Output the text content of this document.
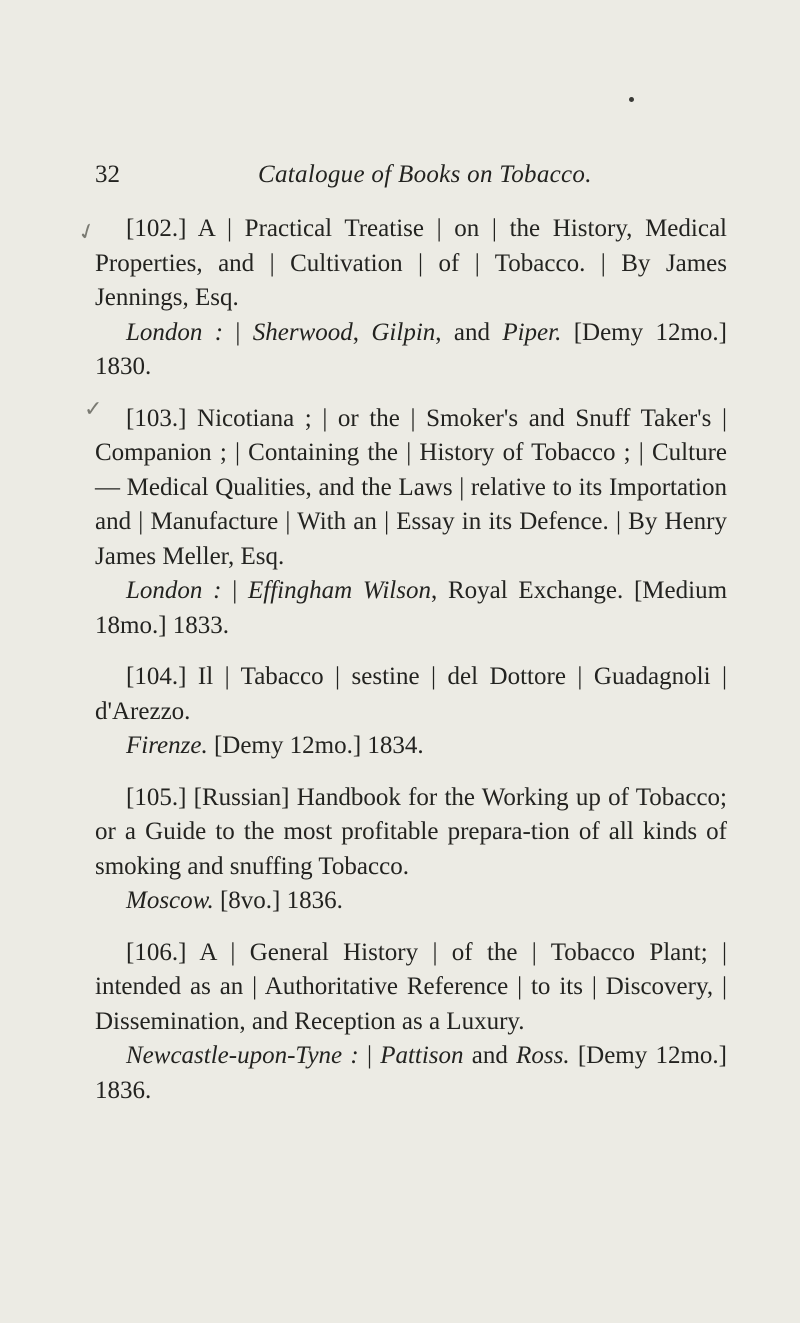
32	Catalogue of Books on Tobacco.
✓
✓

[102.] A | Practical Treatise | on | the History, Medical Properties, and | Cultivation | of | Tobacco. | By James Jennings, Esq.

London : | Sherwood, Gilpin, and Piper. [Demy 12mo.] 1830.

[103.] Nicotiana ; | or the | Smoker's and Snuff Taker's | Companion ; | Containing the | History of Tobacco ; | Culture — Medical Qualities, and the Laws | relative to its Importation and | Manufacture | With an | Essay in its Defence. | By Henry James Meller, Esq.

London : | Effingham Wilson, Royal Exchange. [Medium 18mo.] 1833.

[104.] Il | Tabacco | sestine | del Dottore | Guadagnoli | d'Arezzo.

Firenze. [Demy 12mo.] 1834.

[105.] [Russian] Handbook for the Working up of Tobacco; or a Guide to the most profitable prepara-tion of all kinds of smoking and snuffing Tobacco.

Moscow. [8vo.] 1836.

[106.] A | General History | of the | Tobacco Plant; | intended as an | Authoritative Reference | to its | Discovery, | Dissemination, and Reception as a Luxury.

Newcastle-upon-Tyne : | Pattison and Ross. [Demy 12mo.] 1836.
